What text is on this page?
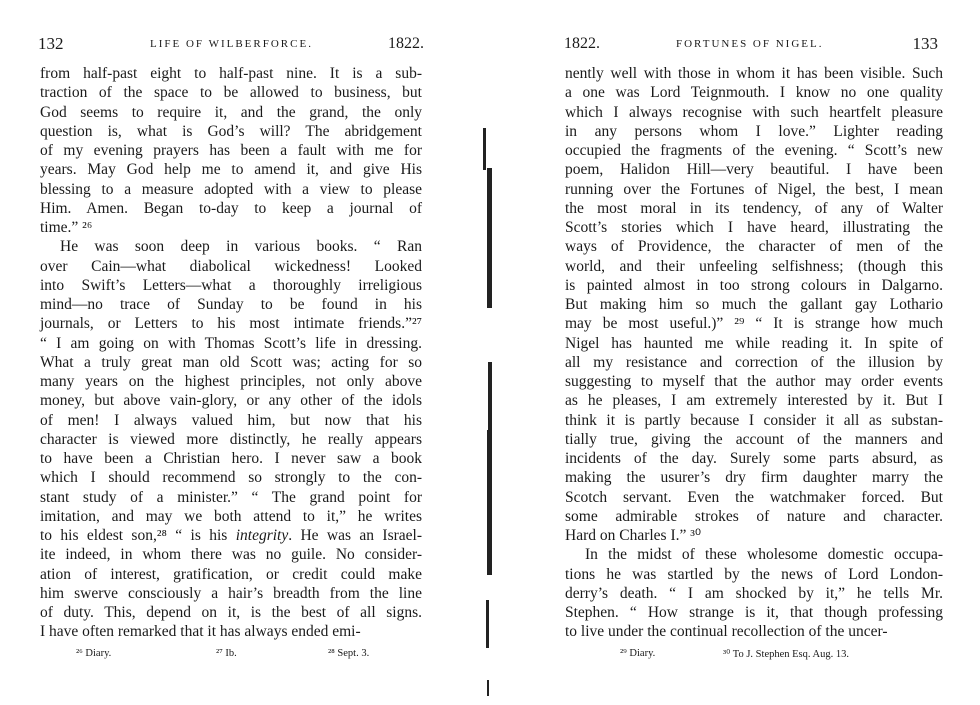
132	LIFE OF WILBERFORCE.	1822.
from half-past eight to half-past nine. It is a sub-
traction of the space to be allowed to business, but
God seems to require it, and the grand, the only
question is, what is God’s will? The abridgement
of my evening prayers has been a fault with me for
years. May God help me to amend it, and give His
blessing to a measure adopted with a view to please
Him. Amen. Began to-day to keep a journal of
time.” ²⁶
He was soon deep in various books. “ Ran
over Cain—what diabolical wickedness! Looked
into Swift’s Letters—what a thoroughly irreligious
mind—no trace of Sunday to be found in his
journals, or Letters to his most intimate friends.”²⁷
“ I am going on with Thomas Scott’s life in dressing.
What a truly great man old Scott was; acting for so
many years on the highest principles, not only above
money, but above vain-glory, or any other of the idols
of men! I always valued him, but now that his
character is viewed more distinctly, he really appears
to have been a Christian hero. I never saw a book
which I should recommend so strongly to the con-
stant study of a minister.” “ The grand point for
imitation, and may we both attend to it,” he writes
to his eldest son,²⁸ “ is his integrity. He was an Israel-
ite indeed, in whom there was no guile. No consider-
ation of interest, gratification, or credit could make
him swerve consciously a hair’s breadth from the line
of duty. This, depend on it, is the best of all signs.
I have often remarked that it has always ended emi-
²⁶ Diary.	²⁷ Ib.	²⁸ Sept. 3.
1822.	FORTUNES OF NIGEL.	133
nently well with those in whom it has been visible. Such
a one was Lord Teignmouth. I know no one quality
which I always recognise with such heartfelt pleasure
in any persons whom I love.” Lighter reading
occupied the fragments of the evening. “ Scott’s new
poem, Halidon Hill—very beautiful. I have been
running over the Fortunes of Nigel, the best, I mean
the most moral in its tendency, of any of Walter
Scott’s stories which I have heard, illustrating the
ways of Providence, the character of men of the
world, and their unfeeling selfishness; (though this
is painted almost in too strong colours in Dalgarno.
But making him so much the gallant gay Lothario
may be most useful.)” ²⁹ “ It is strange how much
Nigel has haunted me while reading it. In spite of
all my resistance and correction of the illusion by
suggesting to myself that the author may order events
as he pleases, I am extremely interested by it. But I
think it is partly because I consider it all as substan-
tially true, giving the account of the manners and
incidents of the day. Surely some parts absurd, as
making the usurer’s dry firm daughter marry the
Scotch servant. Even the watchmaker forced. But
some admirable strokes of nature and character.
Hard on Charles I.” ³⁰
In the midst of these wholesome domestic occupa-
tions he was startled by the news of Lord London-
derry’s death. “ I am shocked by it,” he tells Mr.
Stephen. “ How strange is it, that though professing
to live under the continual recollection of the uncer-
²⁹ Diary.	³⁰ To J. Stephen Esq. Aug. 13.
